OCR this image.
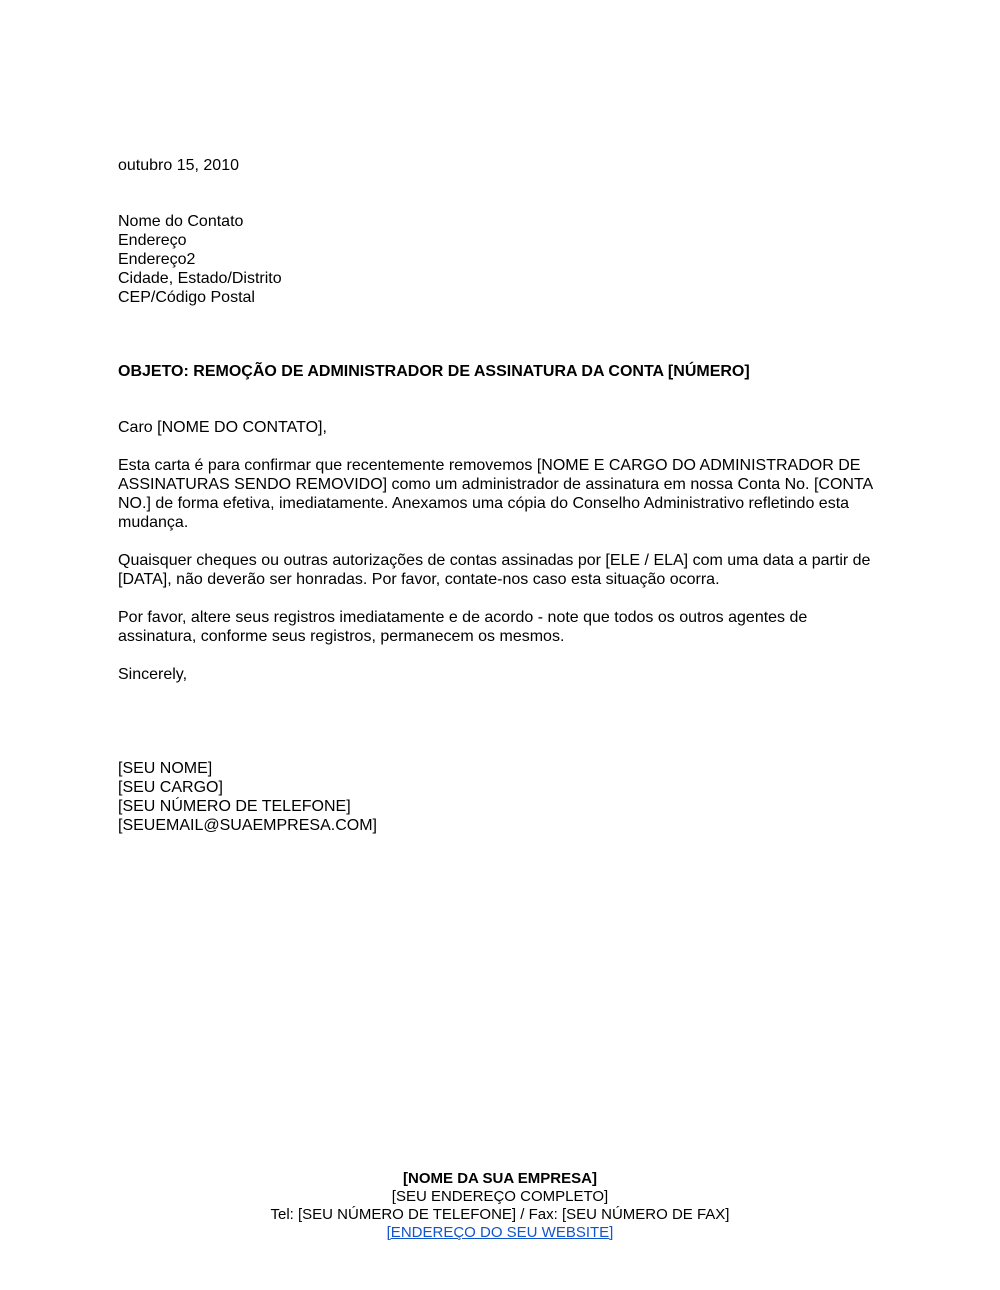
outubro 15, 2010
Nome do Contato
Endereço
Endereço2
Cidade, Estado/Distrito
CEP/Código Postal
OBJETO: REMOÇÃO DE ADMINISTRADOR DE ASSINATURA DA CONTA [NÚMERO]
Caro [NOME DO CONTATO],

Esta carta é para confirmar que recentemente removemos [NOME E CARGO DO ADMINISTRADOR DE ASSINATURAS SENDO REMOVIDO] como um administrador de assinatura em nossa Conta No. [CONTA NO.] de forma efetiva, imediatamente. Anexamos uma cópia do Conselho Administrativo refletindo esta mudança.

Quaisquer cheques ou outras autorizações de contas assinadas por [ELE / ELA] com uma data a partir de [DATA], não deverão ser honradas. Por favor, contate-nos caso esta situação ocorra.

Por favor, altere seus registros imediatamente e de acordo - note que todos os outros agentes de assinatura, conforme seus registros, permanecem os mesmos.

Sincerely,
[SEU NOME]
[SEU CARGO]
[SEU NÚMERO DE TELEFONE]
[SEUEMAIL@SUAEMPRESA.COM]
[NOME DA SUA EMPRESA]
[SEU ENDEREÇO COMPLETO]
Tel: [SEU NÚMERO DE TELEFONE] / Fax: [SEU NÚMERO DE FAX]
[ENDEREÇO DO SEU WEBSITE]
